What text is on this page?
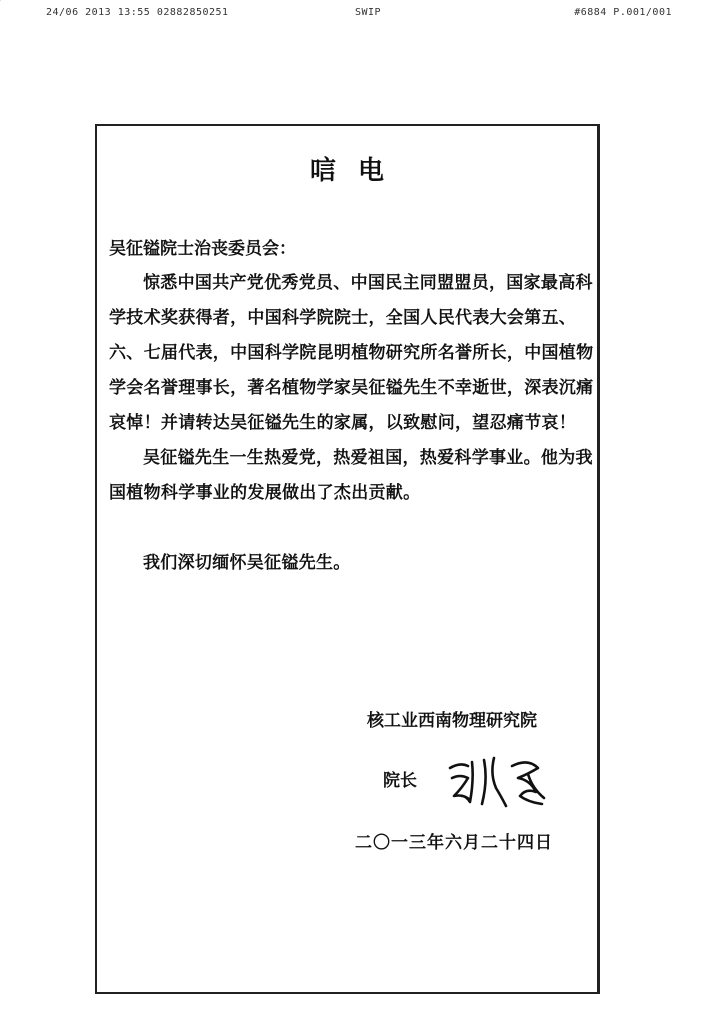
24/06 2013 13:55 02882850251	SWIP	#6884 P.001/001
唁电
吴征镒院士治丧委员会：

惊悉中国共产党优秀党员、中国民主同盟盟员，国家最高科学技术奖获得者，中国科学院院士，全国人民代表大会第五、六、七届代表，中国科学院昆明植物研究所名誉所长，中国植物学会名誉理事长，著名植物学家吴征镒先生不幸逝世，深表沉痛哀悼！并请转达吴征镒先生的家属，以致慰问，望忍痛节哀！

吴征镒先生一生热爱党，热爱祖国，热爱科学事业。他为我国植物科学事业的发展做出了杰出贡献。

我们深切缅怀吴征镒先生。

核工业西南物理研究院
院长
二〇一三年六月二十四日
